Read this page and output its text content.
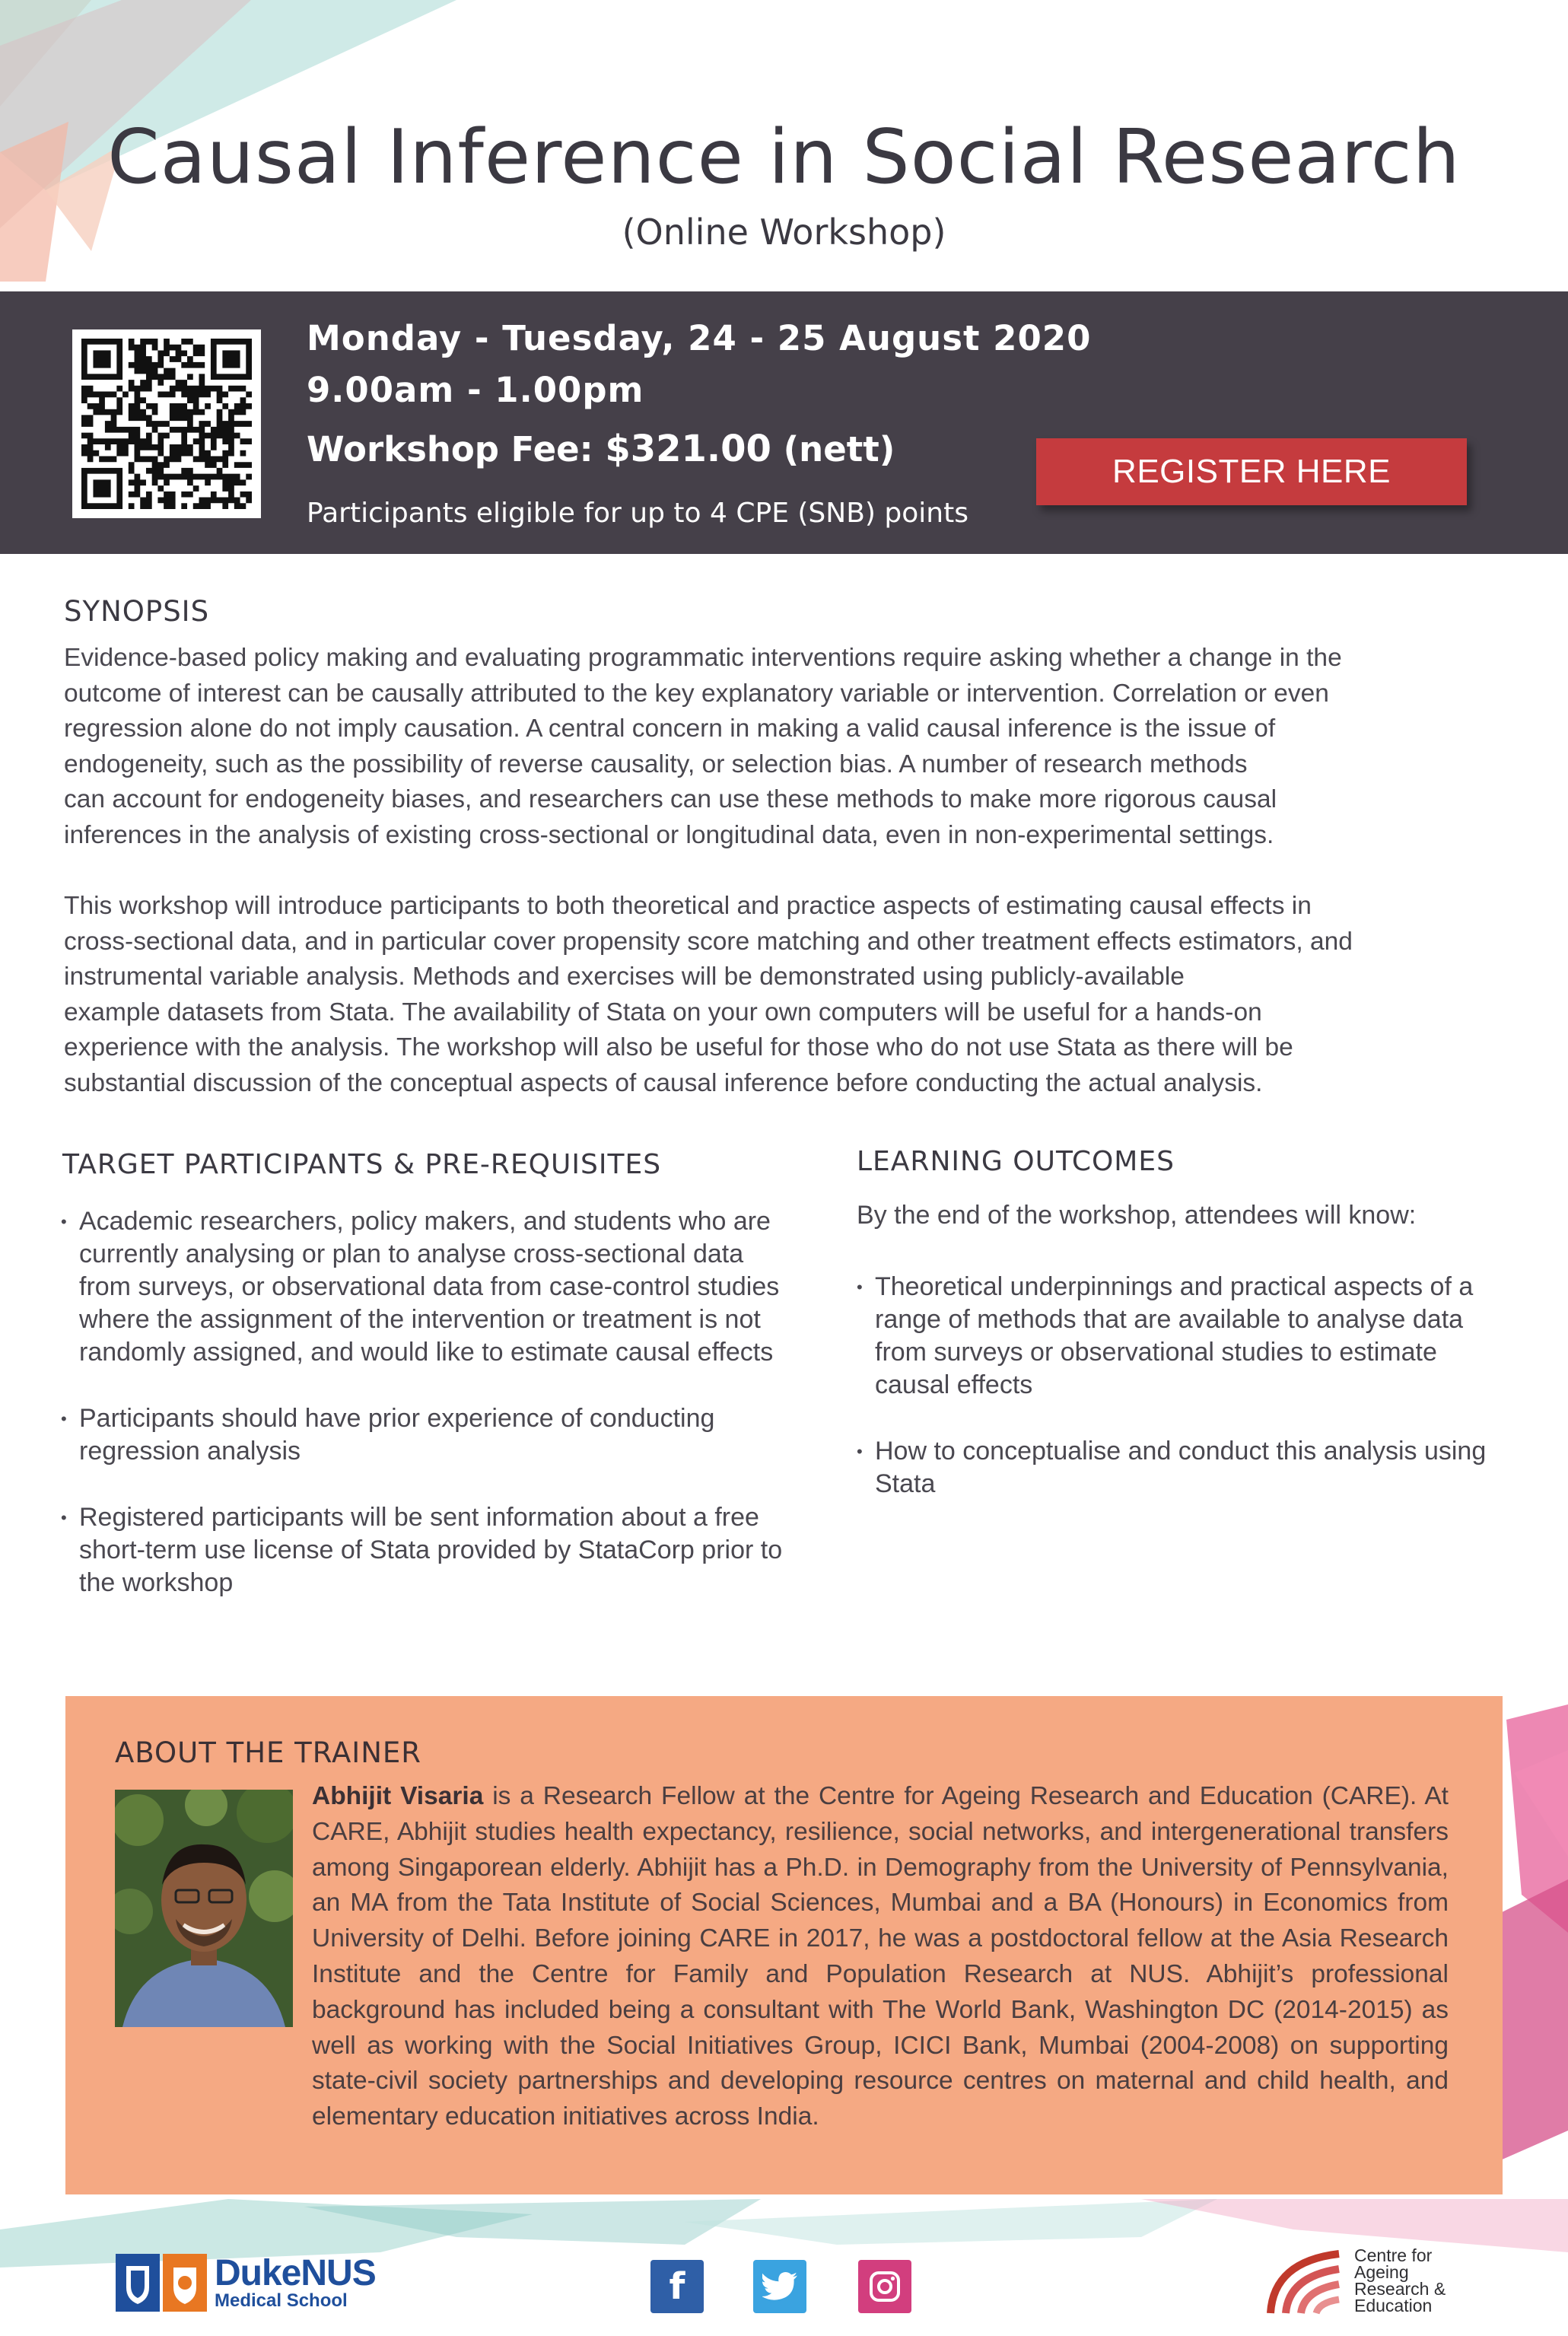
Causal Inference in Social Research
(Online Workshop)
Monday - Tuesday, 24 - 25 August 2020
9.00am - 1.00pm
Workshop Fee: $321.00 (nett)
Participants eligible for up to 4 CPE (SNB) points
REGISTER HERE
SYNOPSIS
Evidence-based policy making and evaluating programmatic interventions require asking whether a change in the
outcome of interest can be causally attributed to the key explanatory variable or intervention. Correlation or even
regression alone do not imply causation. A central concern in making a valid causal inference is the issue of
endogeneity, such as the possibility of reverse causality, or selection bias. A number of research methods
can account for endogeneity biases, and researchers can use these methods to make more rigorous causal
inferences in the analysis of existing cross-sectional or longitudinal data, even in non-experimental settings.
This workshop will introduce participants to both theoretical and practice aspects of estimating causal effects in
cross-sectional data, and in particular cover propensity score matching and other treatment effects estimators, and
instrumental variable analysis. Methods and exercises will be demonstrated using publicly-available
example datasets from Stata. The availability of Stata on your own computers will be useful for a hands-on
experience with the analysis. The workshop will also be useful for those who do not use Stata as there will be
substantial discussion of the conceptual aspects of causal inference before conducting the actual analysis.
TARGET PARTICIPANTS & PRE-REQUISITES
• Academic researchers, policy makers, and students who are currently analysing or plan to analyse cross-sectional data from surveys, or observational data from case-control studies where the assignment of the intervention or treatment is not randomly assigned, and would like to estimate causal effects
• Participants should have prior experience of conducting regression analysis
• Registered participants will be sent information about a free short-term use license of Stata provided by StataCorp prior to the workshop
LEARNING OUTCOMES
By the end of the workshop, attendees will know:
• Theoretical underpinnings and practical aspects of a range of methods that are available to analyse data from surveys or observational studies to estimate causal effects
• How to conceptualise and conduct this analysis using Stata
ABOUT THE TRAINER
Abhijit Visaria is a Research Fellow at the Centre for Ageing Research and Education (CARE). At CARE, Abhijit studies health expectancy, resilience, social networks, and intergenerational transfers among Singaporean elderly. Abhijit has a Ph.D. in Demography from the University of Pennsylvania, an MA from the Tata Institute of Social Sciences, Mumbai and a BA (Honours) in Economics from University of Delhi. Before joining CARE in 2017, he was a postdoctoral fellow at the Asia Research Institute and the Centre for Family and Population Research at NUS. Abhijit’s professional background has included being a consultant with The World Bank, Washington DC (2014-2015) as well as working with the Social Initiatives Group, ICICI Bank, Mumbai (2004-2008) on supporting state-civil society partnerships and developing resource centres on maternal and child health, and elementary education initiatives across India.
DukeNUS
Medical School	f
Centre for
Ageing
Research &
Education
